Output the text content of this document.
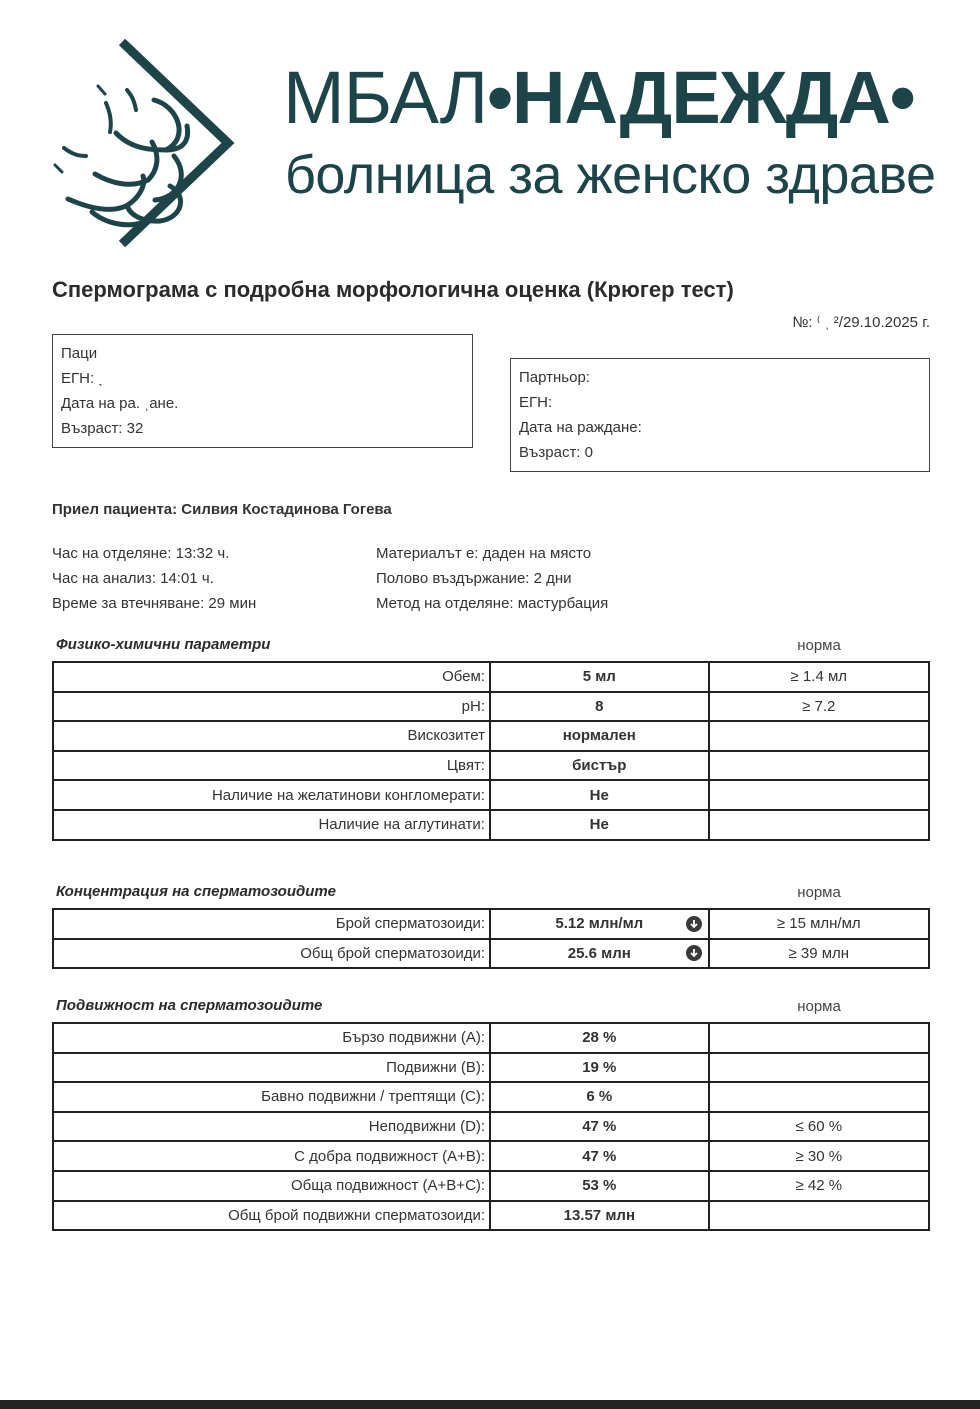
МБАЛ•НАДЕЖДА•
болница за женско здраве
Спермограма с подробна морфологична оценка (Крюгер тест)
№: ⁽ ˌ ²/29.10.2025 г.
Паци
ЕГН: ˎ
Дата на ра. ˌане.
Възраст: 32
Партньор:
ЕГН:
Дата на раждане:
Възраст: 0
Приел пациента: Силвия Костадинова Гогева
Час на отделяне: 13:32 ч.
Час на анализ: 14:01 ч.
Време за втечняване: 29 мин
Материалът е: даден на място
Полово въздържание: 2 дни
Метод на отделяне: мастурбация
Физико-химични параметри	норма
Обем:	5 мл	≥ 1.4 мл
pH:	8	≥ 7.2
Вискозитет	нормален	
Цвят:	бистър	
Наличие на желатинови конгломерати:	Не	
Наличие на аглутинати:	Не	
Концентрация на сперматозоидите	норма
Брой сперматозоиди:	5.12 млн/мл	≥ 15 млн/мл
Общ брой сперматозоиди:	25.6 млн	≥ 39 млн
Подвижност на сперматозоидите	норма
Бързо подвижни (A):	28 %	
Подвижни (B):	19 %	
Бавно подвижни / трептящи (C):	6 %	
Неподвижни (D):	47 %	≤ 60 %
С добра подвижност (A+B):	47 %	≥ 30 %
Обща подвижност (A+B+C):	53 %	≥ 42 %
Общ брой подвижни сперматозоиди:	13.57 млн	
